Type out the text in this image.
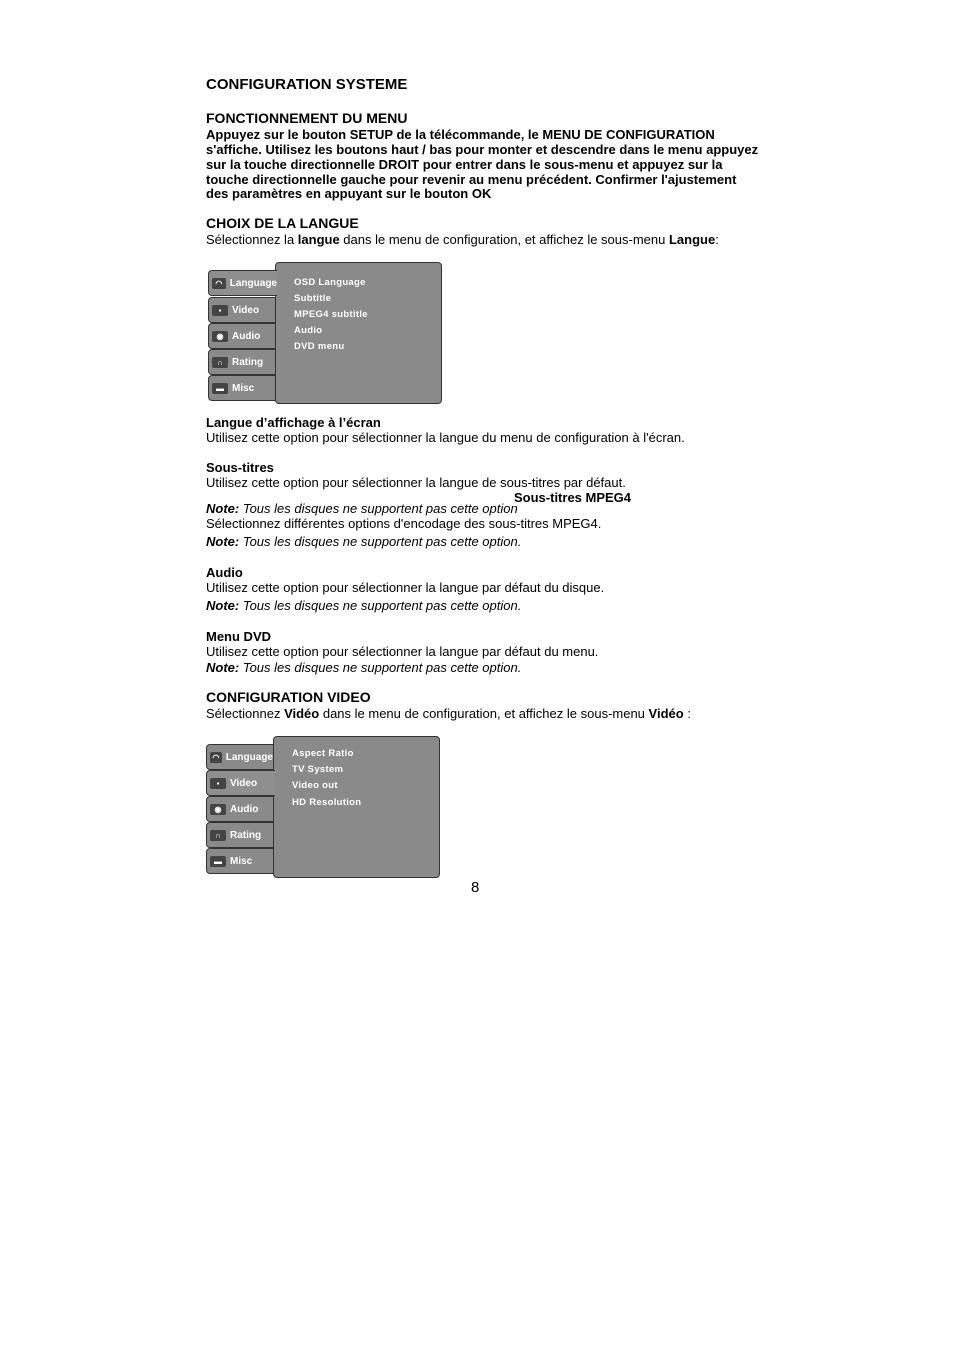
CONFIGURATION SYSTEME
FONCTIONNEMENT DU MENU
Appuyez sur le bouton SETUP de la télécommande, le MENU DE CONFIGURATION
s'affiche. Utilisez les boutons haut / bas pour monter et descendre dans le menu appuyez
sur la touche directionnelle DROIT pour entrer dans le sous-menu et appuyez sur la
touche directionnelle gauche pour revenir au menu précédent. Confirmer l'ajustement
des paramètres en appuyant sur le bouton OK
CHOIX DE LA LANGUE
Sélectionnez la langue dans le menu de configuration, et affichez le sous-menu Langue:
OSD Language
Subtitle
MPEG4 subtitle
Audio
DVD menu
◠ Language
▪	Video
◉ Audio
∩ Rating
▬ Misc
Langue d’affichage à l’écran
Utilisez cette option pour sélectionner la langue du menu de configuration à l'écran.
Sous-titres
Utilisez cette option pour sélectionner la langue de sous-titres par défaut.
Sous-titres MPEG4
Note: Tous les disques ne supportent pas cette option
Sélectionnez différentes options d'encodage des sous-titres MPEG4.
Note: Tous les disques ne supportent pas cette option.
Audio
Utilisez cette option pour sélectionner la langue par défaut du disque.
Note: Tous les disques ne supportent pas cette option.
Menu DVD
Utilisez cette option pour sélectionner la langue par défaut du menu.
Note: Tous les disques ne supportent pas cette option.
CONFIGURATION VIDEO
Sélectionnez Vidéo dans le menu de configuration, et affichez le sous-menu Vidéo :
Aspect Ratio
TV System
Video out
HD Resolution
◠ Language
▪	Video
◉ Audio
∩ Rating
▬ Misc
8
